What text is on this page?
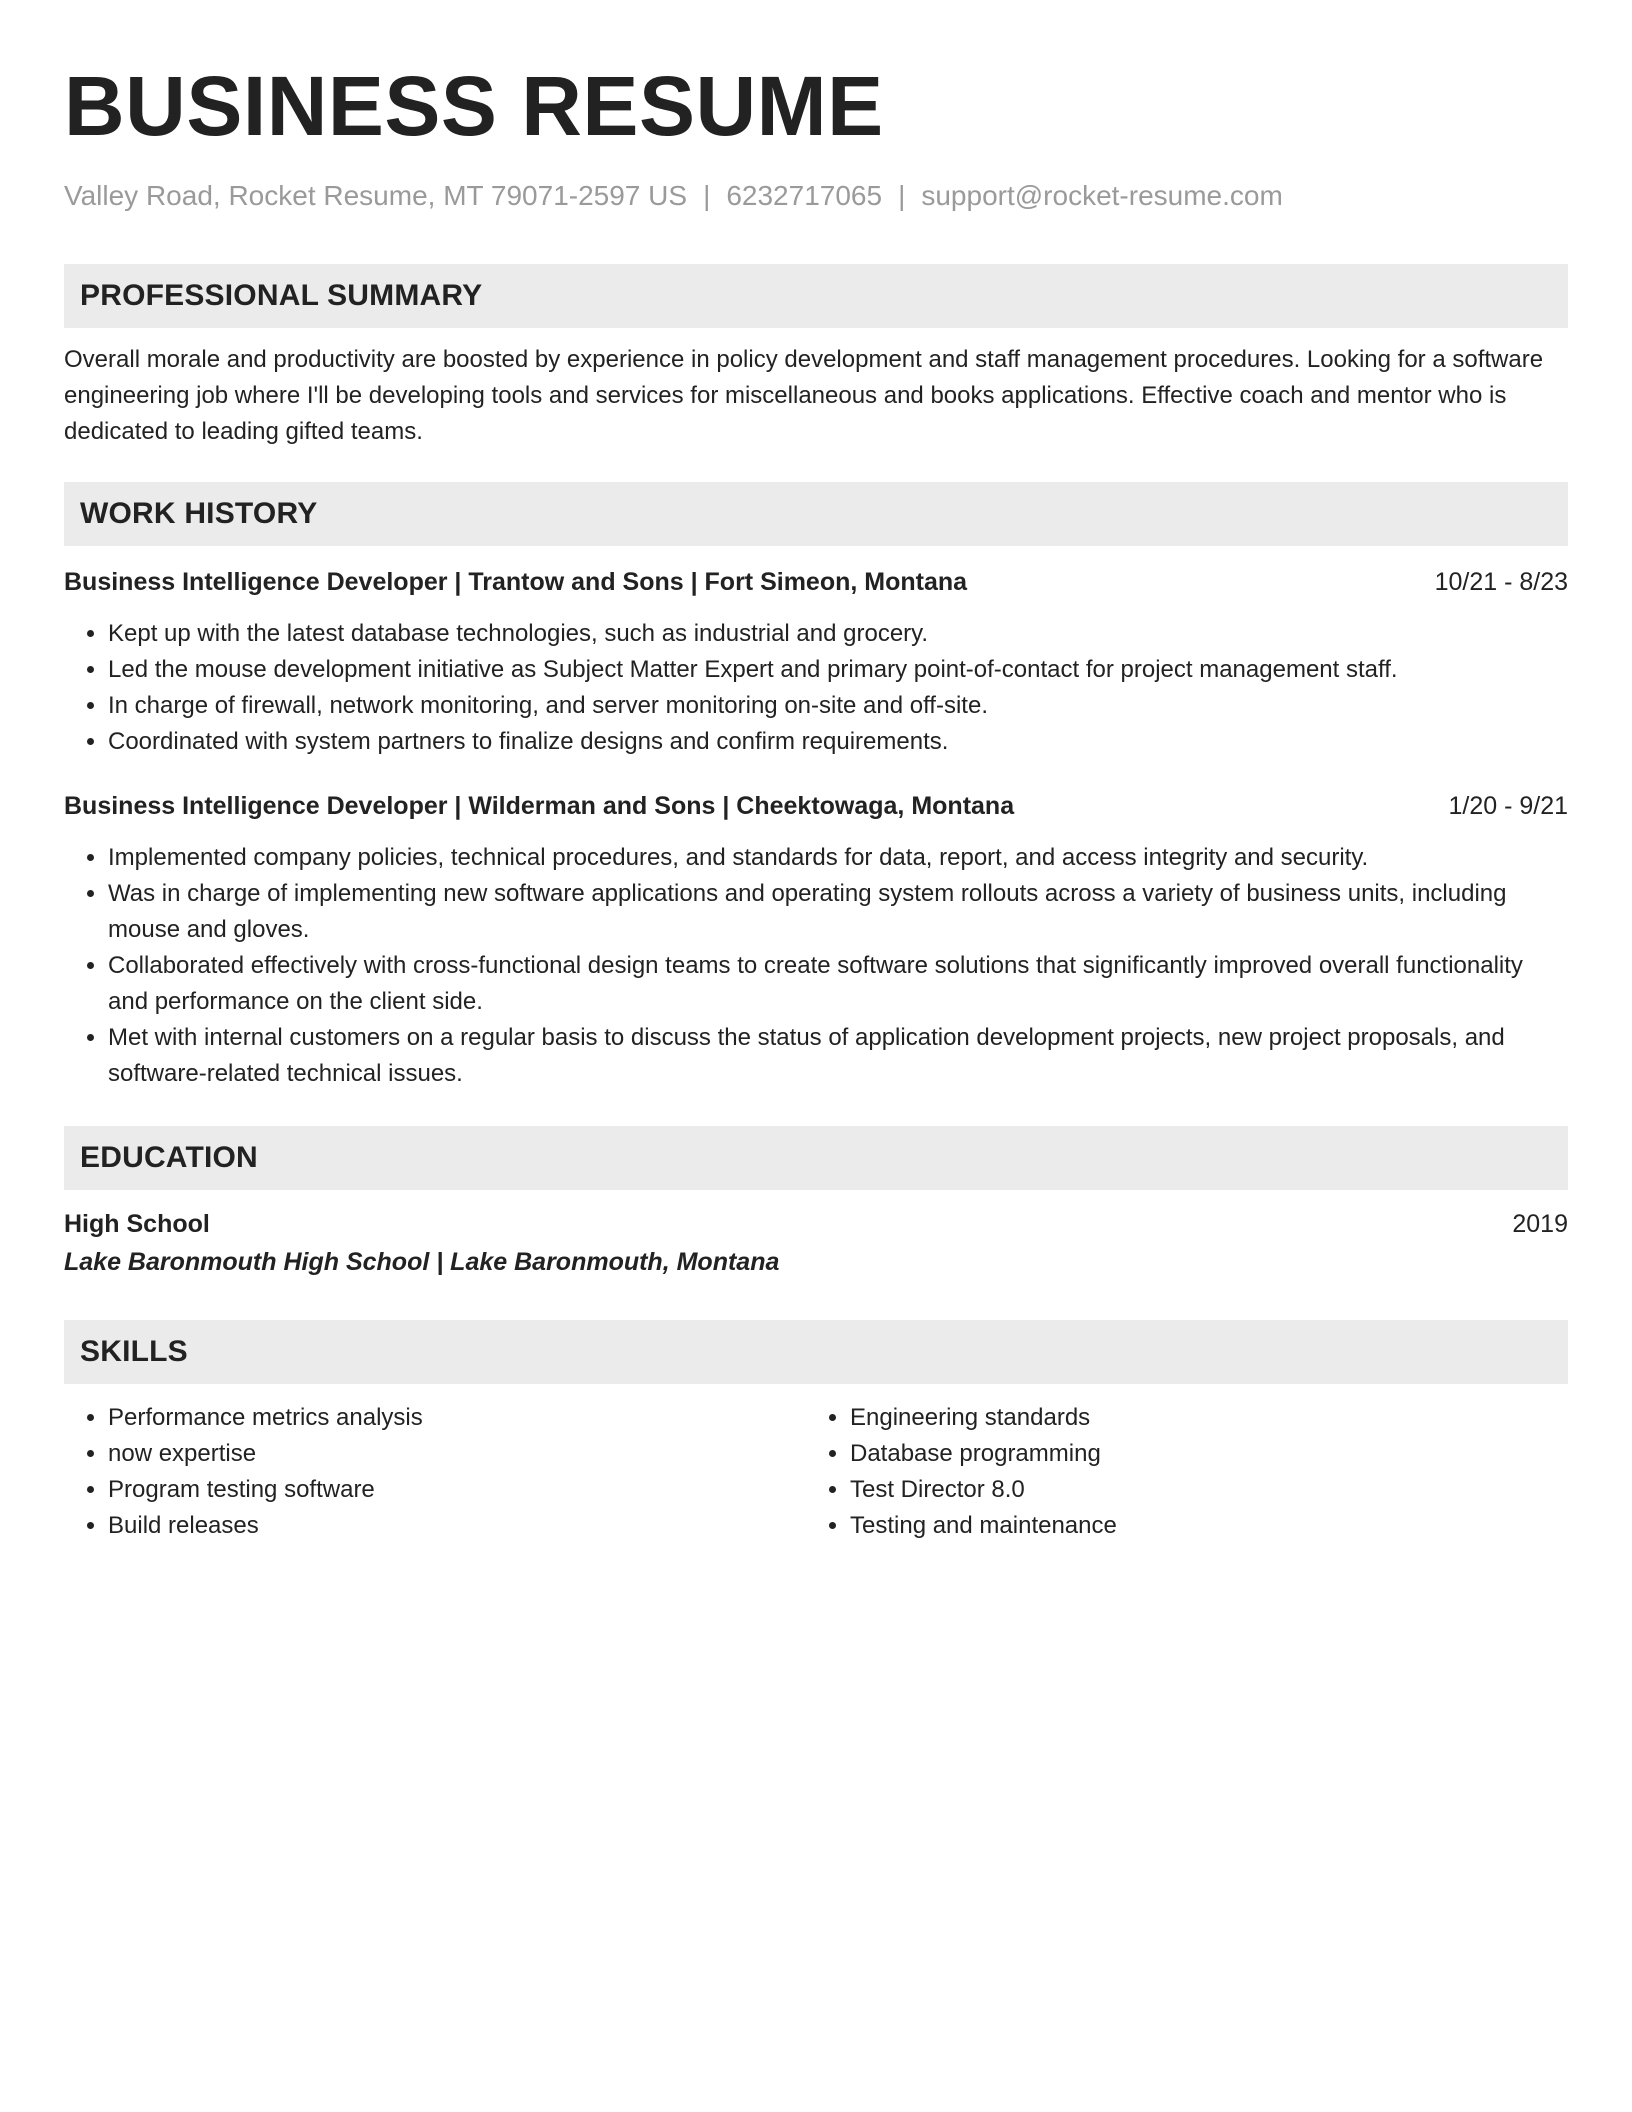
BUSINESS RESUME
Valley Road, Rocket Resume, MT 79071-2597 US | 6232717065 | support@rocket-resume.com
PROFESSIONAL SUMMARY
Overall morale and productivity are boosted by experience in policy development and staff management procedures. Looking for a software engineering job where I'll be developing tools and services for miscellaneous and books applications. Effective coach and mentor who is dedicated to leading gifted teams.
WORK HISTORY
Business Intelligence Developer | Trantow and Sons | Fort Simeon, Montana	10/21 - 8/23
• Kept up with the latest database technologies, such as industrial and grocery.
• Led the mouse development initiative as Subject Matter Expert and primary point-of-contact for project management staff.
• In charge of firewall, network monitoring, and server monitoring on-site and off-site.
• Coordinated with system partners to finalize designs and confirm requirements.
Business Intelligence Developer | Wilderman and Sons | Cheektowaga, Montana	1/20 - 9/21
• Implemented company policies, technical procedures, and standards for data, report, and access integrity and security.
• Was in charge of implementing new software applications and operating system rollouts across a variety of business units, including mouse and gloves.
• Collaborated effectively with cross-functional design teams to create software solutions that significantly improved overall functionality and performance on the client side.
• Met with internal customers on a regular basis to discuss the status of application development projects, new project proposals, and software-related technical issues.
EDUCATION
High School	2019
Lake Baronmouth High School | Lake Baronmouth, Montana
SKILLS
• Performance metrics analysis
• now expertise
• Program testing software
• Build releases
• Engineering standards
• Database programming
• Test Director 8.0
• Testing and maintenance
